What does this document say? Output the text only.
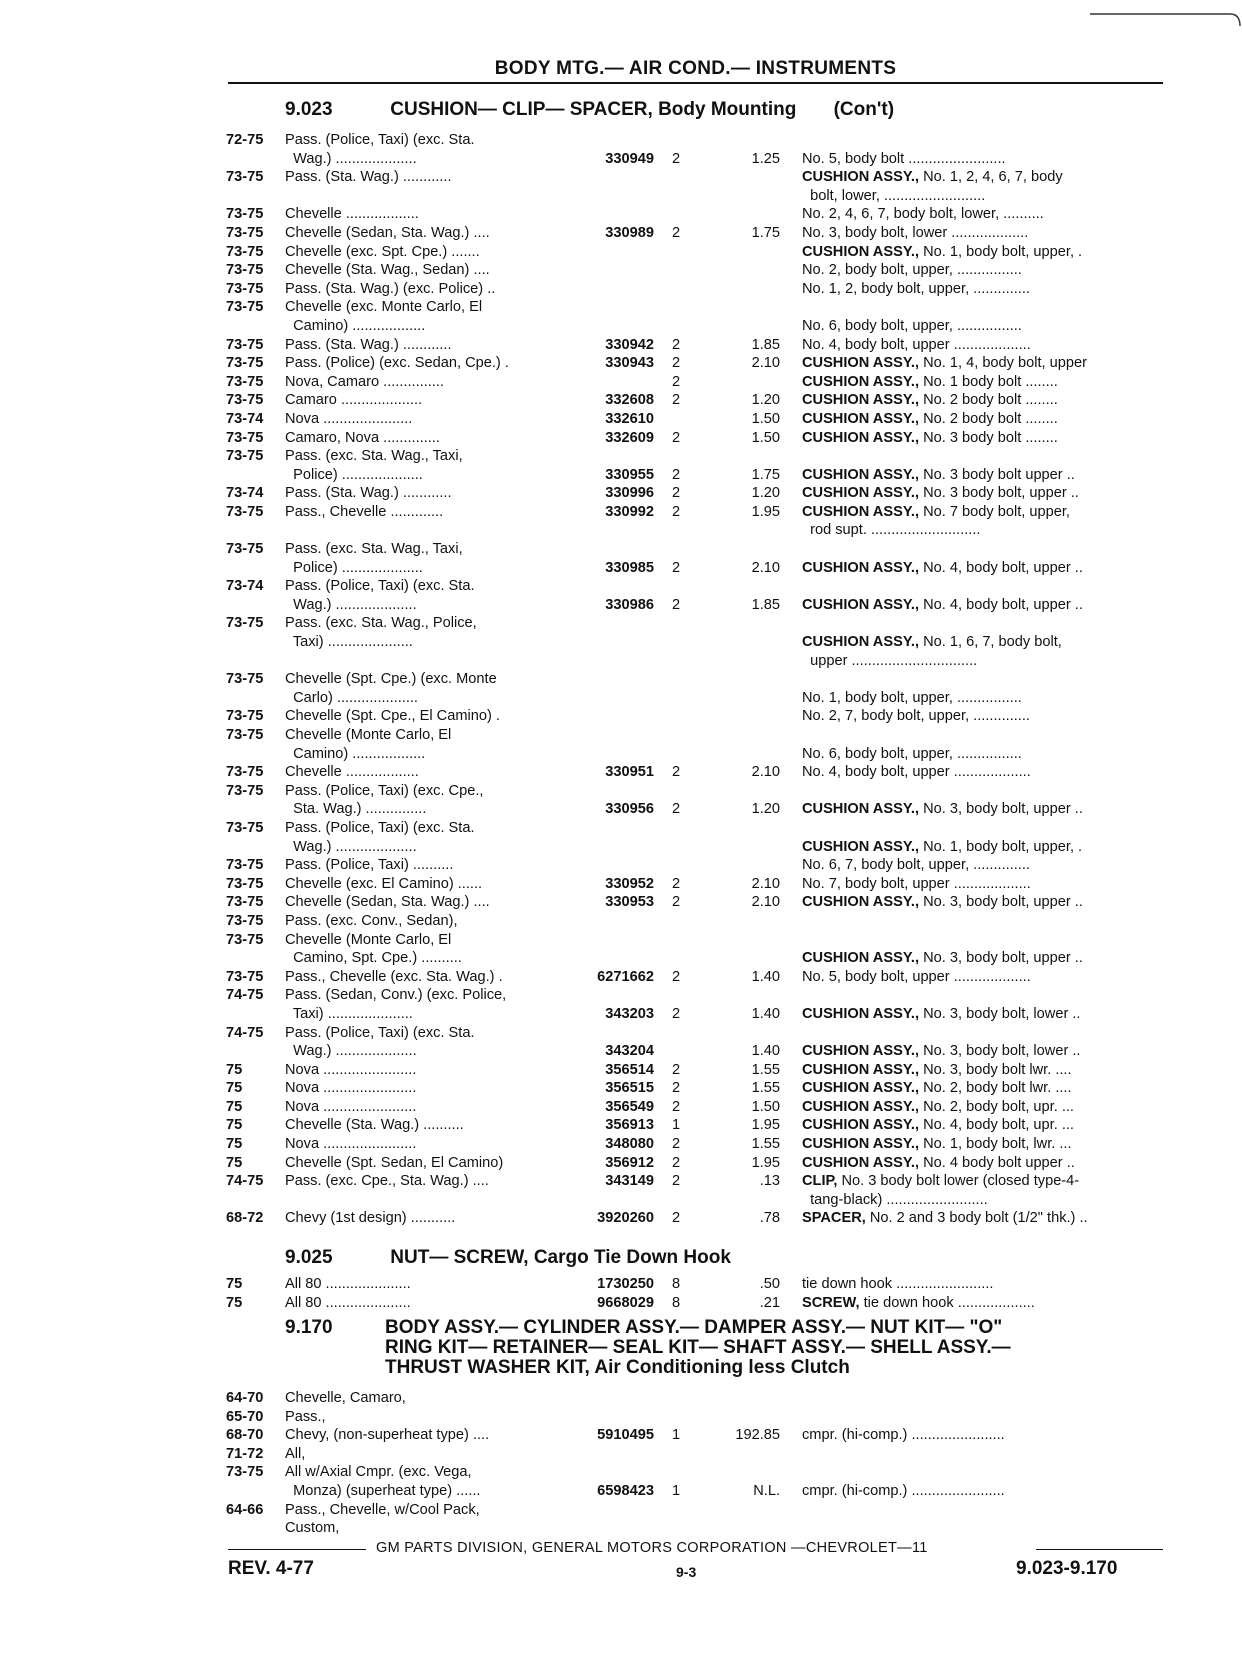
BODY MTG.— AIR COND.— INSTRUMENTS
9.023	CUSHION— CLIP— SPACER, Body Mounting (Con't)
72-75 Pass. (Police, Taxi) (exc. Sta.
Wag.) ....................	330949 2	1.25 No. 5, body bolt ........................
73-75 Pass. (Sta. Wag.) ............	CUSHION ASSY., No. 1, 2, 4, 6, 7, body
bolt, lower, .........................
73-75 Chevelle ..................	No. 2, 4, 6, 7, body bolt, lower, ..........
73-75 Chevelle (Sedan, Sta. Wag.) ....	330989 2	1.75 No. 3, body bolt, lower ...................
73-75 Chevelle (exc. Spt. Cpe.) .......	CUSHION ASSY., No. 1, body bolt, upper, .
73-75 Chevelle (Sta. Wag., Sedan) ....	No. 2, body bolt, upper, ................
73-75 Pass. (Sta. Wag.) (exc. Police) ..	No. 1, 2, body bolt, upper, ..............
73-75 Chevelle (exc. Monte Carlo, El
Camino) ..................	No. 6, body bolt, upper, ................
73-75 Pass. (Sta. Wag.) ............	330942 2	1.85 No. 4, body bolt, upper ...................
73-75 Pass. (Police) (exc. Sedan, Cpe.) .	330943 2	2.10 CUSHION ASSY., No. 1, 4, body bolt, upper
73-75 Nova, Camaro ...............	2	CUSHION ASSY., No. 1 body bolt ........
73-75 Camaro ....................	332608 2	1.20 CUSHION ASSY., No. 2 body bolt ........
73-74 Nova ......................	332610	1.50 CUSHION ASSY., No. 2 body bolt ........
73-75 Camaro, Nova ..............	332609 2	1.50 CUSHION ASSY., No. 3 body bolt ........
73-75 Pass. (exc. Sta. Wag., Taxi,
Police) ....................	330955 2	1.75 CUSHION ASSY., No. 3 body bolt upper ..
73-74 Pass. (Sta. Wag.) ............	330996 2	1.20 CUSHION ASSY., No. 3 body bolt, upper ..
73-75 Pass., Chevelle .............	330992 2	1.95 CUSHION ASSY., No. 7 body bolt, upper,
rod supt. ...........................
73-75 Pass. (exc. Sta. Wag., Taxi,
Police) ....................	330985 2	2.10 CUSHION ASSY., No. 4, body bolt, upper ..
73-74 Pass. (Police, Taxi) (exc. Sta.
Wag.) ....................	330986 2	1.85 CUSHION ASSY., No. 4, body bolt, upper ..
73-75 Pass. (exc. Sta. Wag., Police,
Taxi) .....................	CUSHION ASSY., No. 1, 6, 7, body bolt,
upper ...............................
73-75 Chevelle (Spt. Cpe.) (exc. Monte
Carlo) ....................	No. 1, body bolt, upper, ................
73-75 Chevelle (Spt. Cpe., El Camino) .	No. 2, 7, body bolt, upper, ..............
73-75 Chevelle (Monte Carlo, El
Camino) ..................	No. 6, body bolt, upper, ................
73-75 Chevelle ..................	330951 2	2.10 No. 4, body bolt, upper ...................
73-75 Pass. (Police, Taxi) (exc. Cpe.,
Sta. Wag.) ...............	330956 2	1.20 CUSHION ASSY., No. 3, body bolt, upper ..
73-75 Pass. (Police, Taxi) (exc. Sta.
Wag.) ....................	CUSHION ASSY., No. 1, body bolt, upper, .
73-75 Pass. (Police, Taxi) ..........	No. 6, 7, body bolt, upper, ..............
73-75 Chevelle (exc. El Camino) ......	330952 2	2.10 No. 7, body bolt, upper ...................
73-75 Chevelle (Sedan, Sta. Wag.) ....	330953 2	2.10 CUSHION ASSY., No. 3, body bolt, upper ..
73-75 Pass. (exc. Conv., Sedan),
73-75 Chevelle (Monte Carlo, El
Camino, Spt. Cpe.) ..........	CUSHION ASSY., No. 3, body bolt, upper ..
73-75 Pass., Chevelle (exc. Sta. Wag.) .	6271662 2	1.40 No. 5, body bolt, upper ...................
74-75 Pass. (Sedan, Conv.) (exc. Police,
Taxi) .....................	343203 2	1.40 CUSHION ASSY., No. 3, body bolt, lower ..
74-75 Pass. (Police, Taxi) (exc. Sta.
Wag.) ....................	343204	1.40 CUSHION ASSY., No. 3, body bolt, lower ..
75	Nova .......................	356514 2	1.55 CUSHION ASSY., No. 3, body bolt lwr. ....
75	Nova .......................	356515 2	1.55 CUSHION ASSY., No. 2, body bolt lwr. ....
75	Nova .......................	356549 2	1.50 CUSHION ASSY., No. 2, body bolt, upr. ...
75	Chevelle (Sta. Wag.) ..........	356913 1	1.95 CUSHION ASSY., No. 4, body bolt, upr. ...
75	Nova .......................	348080 2	1.55 CUSHION ASSY., No. 1, body bolt, lwr. ...
75	Chevelle (Spt. Sedan, El Camino)	356912 2	1.95 CUSHION ASSY., No. 4 body bolt upper ..
74-75 Pass. (exc. Cpe., Sta. Wag.) ....	343149 2	.13 CLIP, No. 3 body bolt lower (closed type-4-
tang-black) .........................
68-72 Chevy (1st design) ...........	3920260 2	.78 SPACER, No. 2 and 3 body bolt (1/2" thk.) ..
9.025	NUT— SCREW, Cargo Tie Down Hook
75	All 80 .....................	1730250 8	.50 tie down hook ........................
75	All 80 .....................	9668029 8	.21 SCREW, tie down hook ...................
9.170	BODY ASSY.— CYLINDER ASSY.— DAMPER ASSY.— NUT KIT— "O"
RING KIT— RETAINER— SEAL KIT— SHAFT ASSY.— SHELL ASSY.—
THRUST WASHER KIT, Air Conditioning less Clutch
64-70 Chevelle, Camaro,
65-70 Pass.,
68-70 Chevy, (non-superheat type) ....	5910495 1	192.85 cmpr. (hi-comp.) .......................
71-72 All,
73-75 All w/Axial Cmpr. (exc. Vega,
Monza) (superheat type) ......	6598423 1	N.L. cmpr. (hi-comp.) .......................
64-66 Pass., Chevelle, w/Cool Pack,
Custom,
GM PARTS DIVISION, GENERAL MOTORS CORPORATION —CHEVROLET—11
REV. 4-77	9-3	9.023-9.170
